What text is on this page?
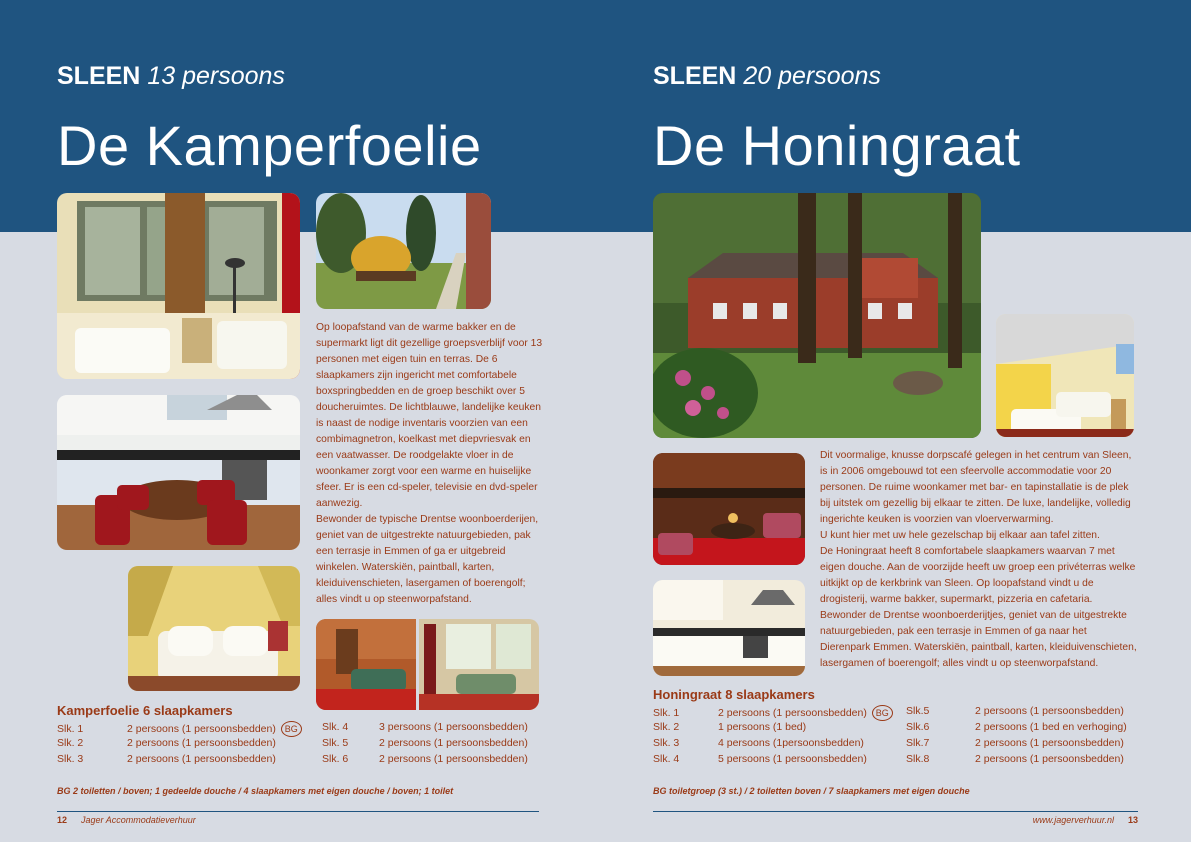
SLEEN 13 persoons
De Kamperfoelie
SLEEN 20 persoons
De Honingraat

Op loopafstand van de warme bakker en de supermarkt ligt dit gezellige groepsverblijf voor 13 personen met eigen tuin en terras. De 6 slaapkamers zijn ingericht met comfortabele boxspringbedden en de groep beschikt over 5 doucheruimtes. De lichtblauwe, landelijke keuken is naast de nodige inventaris voorzien van een combimagnetron, koelkast met diepvriesvak en een vaatwasser. De roodgelakte vloer in de woonkamer zorgt voor een warme en huiselijke sfeer. Er is een cd-speler, televisie en dvd-speler aanwezig.

Bewonder de typische Drentse woonboerderijen, geniet van de uitgestrekte natuurgebieden, pak een terrasje in Emmen of ga er uitgebreid winkelen. Waterskiën, paintball, karten, kleiduivenschieten, lasergamen of boerengolf; alles vindt u op steenworpafstand.

Dit voormalige, knusse dorpscafé gelegen in het centrum van Sleen, is in 2006 omgebouwd tot een sfeervolle accommodatie voor 20 personen. De ruime woonkamer met bar- en tapinstallatie is de plek bij uitstek om gezellig bij elkaar te zitten. De luxe, landelijke, volledig ingerichte keuken is voorzien van vloerverwarming.

U kunt hier met uw hele gezelschap bij elkaar aan tafel zitten.

De Honingraat heeft 8 comfortabele slaapkamers waarvan 7 met eigen douche. Aan de voorzijde heeft uw groep een privéterras welke uitkijkt op de kerkbrink van Sleen. Op loopafstand vindt u de drogisterij, warme bakker, supermarkt, pizzeria en cafetaria.

Bewonder de Drentse woonboerderijtjes, geniet van de uitgestrekte natuurgebieden, pak een terrasje in Emmen of ga naar het Dierenpark Emmen. Waterskiën, paintball, karten, kleiduivenschieten, lasergamen of boerengolf; alles vindt u op steenworpafstand.

Kamperfoelie 6 slaapkamers
Slk. 1	2 persoons (1 persoonsbedden) BG
Slk. 2	2 persoons (1 persoonsbedden)
Slk. 3	2 persoons (1 persoonsbedden)
Slk. 4	3 persoons (1 persoonsbedden)
Slk. 5	2 persoons (1 persoonsbedden)
Slk. 6	2 persoons (1 persoonsbedden)
Honingraat 8 slaapkamers
Slk. 1	2 persoons (1 persoonsbedden) BG
Slk. 2	1 persoons (1 bed)
Slk. 3	4 persoons (1persoonsbedden)
Slk. 4	5 persoons (1 persoonsbedden)
Slk.5	2 persoons (1 persoonsbedden)
Slk.6	2 persoons (1 bed en verhoging)
Slk.7	2 persoons (1 persoonsbedden)
Slk.8	2 persoons (1 persoonsbedden)
BG 2 toiletten / boven; 1 gedeelde douche / 4 slaapkamers met eigen douche / boven; 1 toilet	BG toiletgroep (3 st.) / 2 toiletten boven / 7 slaapkamers met eigen douche
12 Jager Accommodatieverhuur	www.jagerverhuur.nl 13
